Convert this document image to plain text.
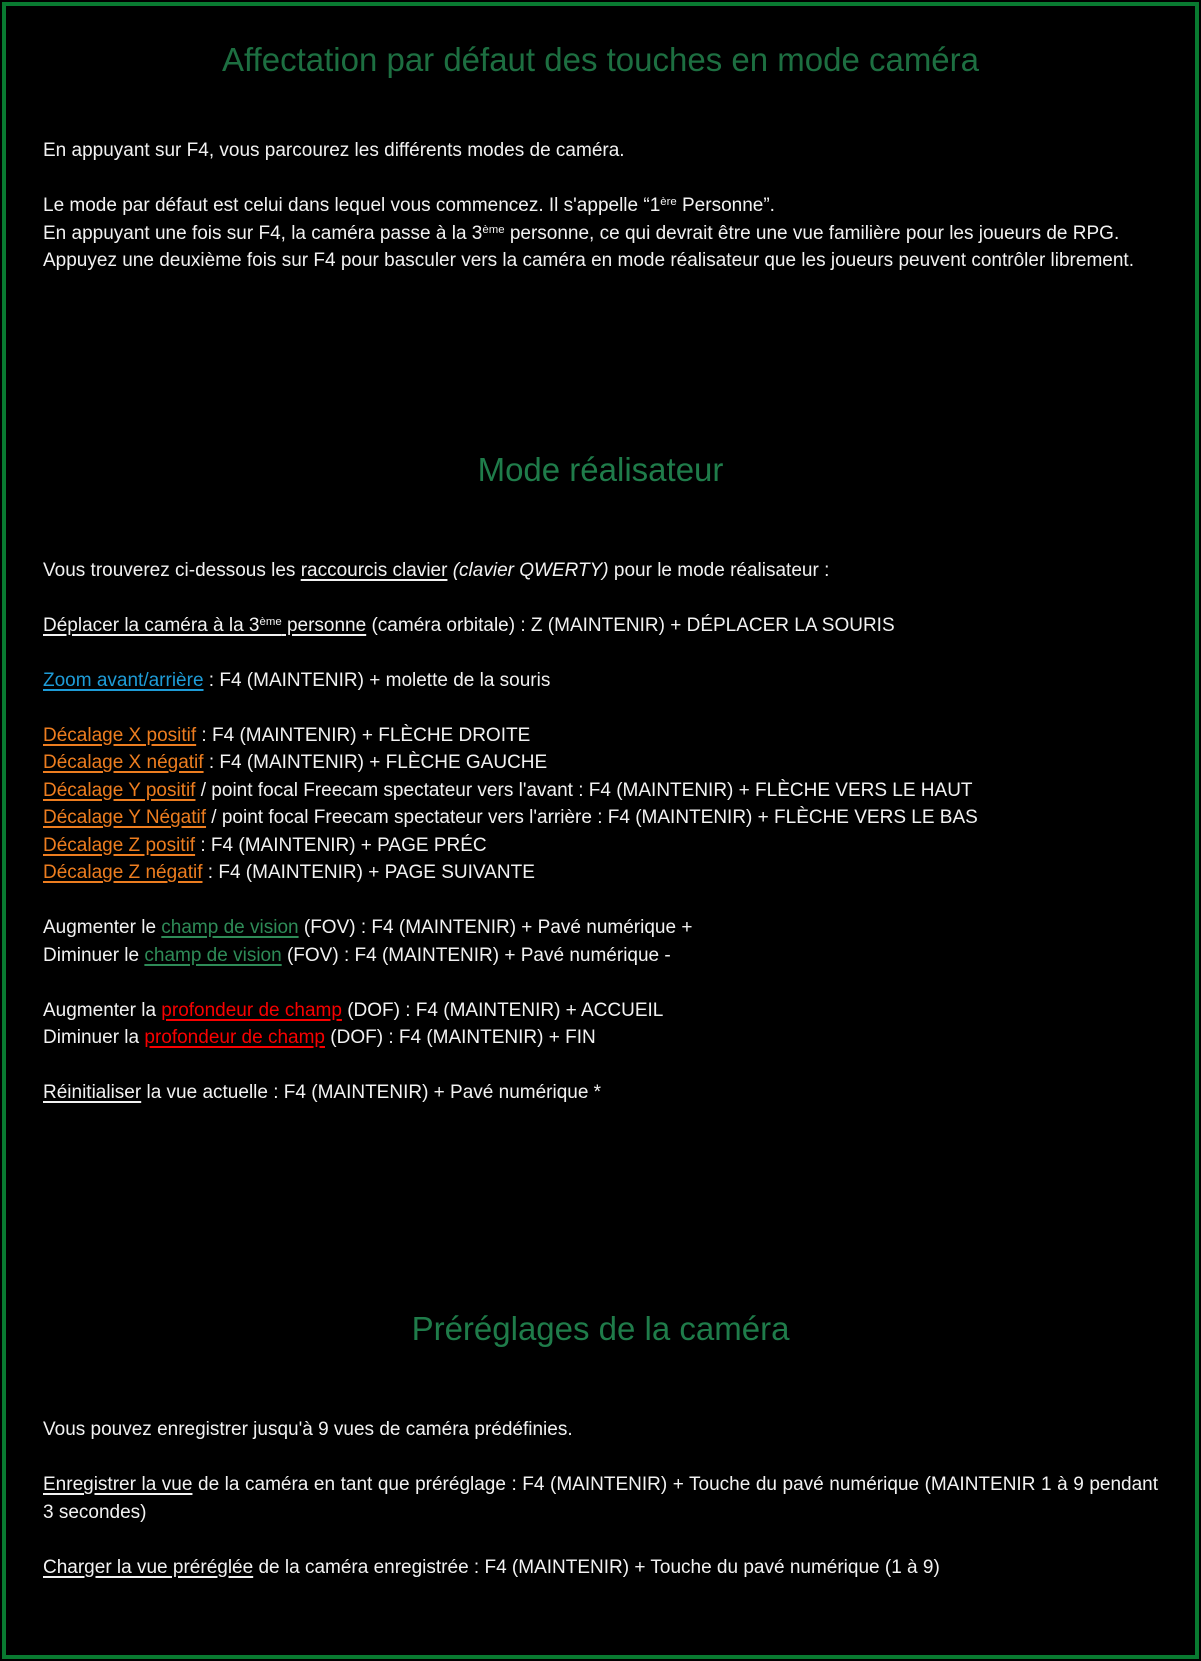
Affectation par défaut des touches en mode caméra
En appuyant sur F4, vous parcourez les différents modes de caméra.
Le mode par défaut est celui dans lequel vous commencez. Il s'appelle “1ère Personne”.
En appuyant une fois sur F4, la caméra passe à la 3ème personne, ce qui devrait être une vue familière pour les joueurs de RPG.
Appuyez une deuxième fois sur F4 pour basculer vers la caméra en mode réalisateur que les joueurs peuvent contrôler librement.
Mode réalisateur
Vous trouverez ci-dessous les raccourcis clavier (clavier QWERTY) pour le mode réalisateur :
Déplacer la caméra à la 3ème personne (caméra orbitale) : Z (MAINTENIR) + DÉPLACER LA SOURIS
Zoom avant/arrière : F4 (MAINTENIR) + molette de la souris
Décalage X positif : F4 (MAINTENIR) + FLÈCHE DROITE
Décalage X négatif : F4 (MAINTENIR) + FLÈCHE GAUCHE
Décalage Y positif / point focal Freecam spectateur vers l'avant : F4 (MAINTENIR) + FLÈCHE VERS LE HAUT
Décalage Y Négatif / point focal Freecam spectateur vers l'arrière : F4 (MAINTENIR) + FLÈCHE VERS LE BAS
Décalage Z positif : F4 (MAINTENIR) + PAGE PRÉC
Décalage Z négatif : F4 (MAINTENIR) + PAGE SUIVANTE
Augmenter le champ de vision (FOV) : F4 (MAINTENIR) + Pavé numérique +
Diminuer le champ de vision (FOV) : F4 (MAINTENIR) + Pavé numérique -
Augmenter la profondeur de champ (DOF) : F4 (MAINTENIR) + ACCUEIL
Diminuer la profondeur de champ (DOF) : F4 (MAINTENIR) + FIN
Réinitialiser la vue actuelle : F4 (MAINTENIR) + Pavé numérique *
Préréglages de la caméra
Vous pouvez enregistrer jusqu'à 9 vues de caméra prédéfinies.
Enregistrer la vue de la caméra en tant que préréglage : F4 (MAINTENIR) + Touche du pavé numérique (MAINTENIR 1 à 9 pendant 3 secondes)
Charger la vue préréglée de la caméra enregistrée : F4 (MAINTENIR) + Touche du pavé numérique (1 à 9)
